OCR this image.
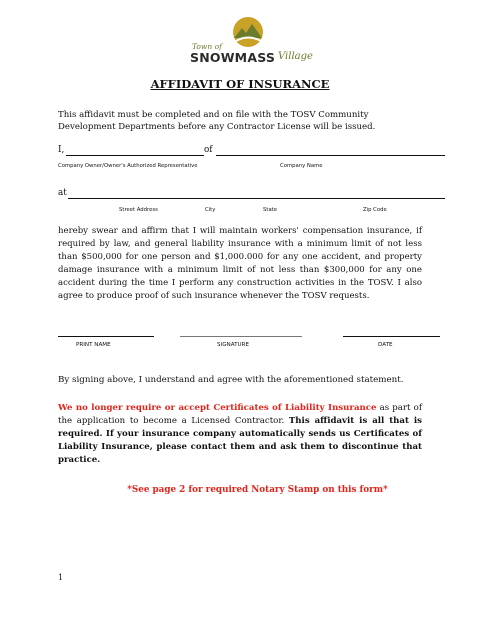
Town of
SNOWMASS Village
AFFIDAVIT OF INSURANCE
This affidavit must be completed and on file with the TOSV Community Development Departments before any Contractor License will be issued.
I,	of
Company Owner/Owner's Authorized Representative	Company Name
at
Street Address	City	State	Zip Code
hereby swear and affirm that I will maintain workers' compensation insurance, if required by law, and general liability insurance with a minimum limit of not less than $500,000 for one person and $1,000.000 for any one accident, and property damage insurance with a minimum limit of not less than $300,000 for any one accident during the time I perform any construction activities in the TOSV. I also agree to produce proof of such insurance whenever the TOSV requests.
PRINT NAME	SIGNATURE	DATE
By signing above, I understand and agree with the aforementioned statement.
We no longer require or accept Certificates of Liability Insurance as part of the application to become a Licensed Contractor. This affidavit is all that is required. If your insurance company automatically sends us Certificates of Liability Insurance, please contact them and ask them to discontinue that practice.
*See page 2 for required Notary Stamp on this form*
1
